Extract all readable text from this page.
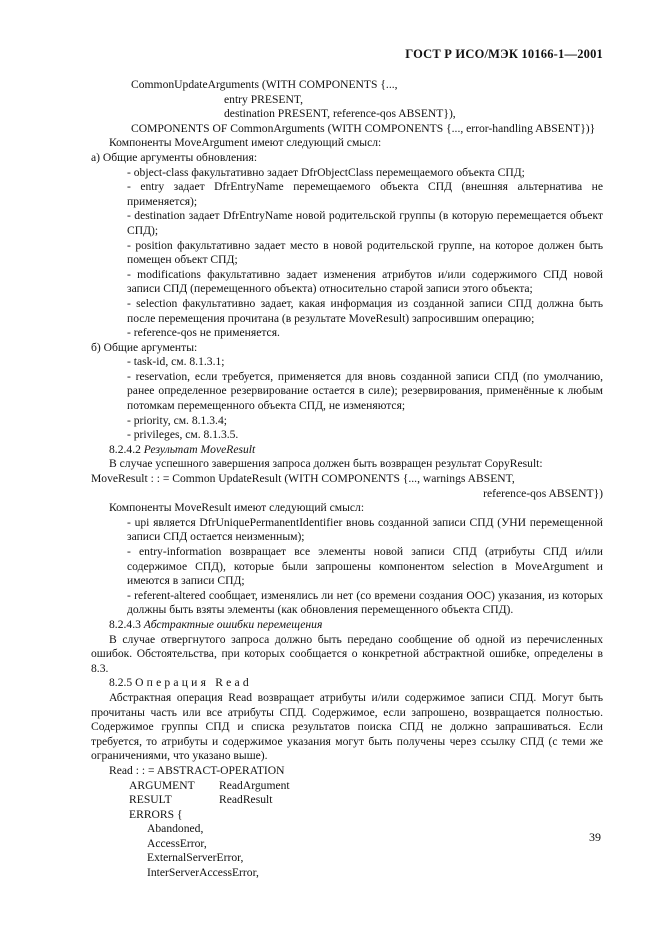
ГОСТ Р ИСО/МЭК 10166-1—2001
CommonUpdateArguments (WITH COMPONENTS {...,
entry PRESENT,
destination PRESENT, reference-qos ABSENT}),
COMPONENTS OF CommonArguments (WITH COMPONENTS {..., error-handling ABSENT})}
Компоненты MoveArgument имеют следующий смысл:
а) Общие аргументы обновления:
- object-class факультативно задает DfrObjectClass перемещаемого объекта СПД;
- entry задает DfrEntryName перемещаемого объекта СПД (внешняя альтернатива не применяется);
- destination задает DfrEntryName новой родительской группы (в которую перемещается объект СПД);
- position факультативно задает место в новой родительской группе, на которое должен быть помещен объект СПД;
- modifications факультативно задает изменения атрибутов и/или содержимого СПД новой записи СПД (перемещенного объекта) относительно старой записи этого объекта;
- selection факультативно задает, какая информация из созданной записи СПД должна быть после перемещения прочитана (в результате MoveResult) запросившим операцию;
- reference-qos не применяется.
б) Общие аргументы:
- task-id, см. 8.1.3.1;
- reservation, если требуется, применяется для вновь созданной записи СПД (по умолчанию, ранее определенное резервирование остается в силе); резервирования, применённые к любым потомкам перемещенного объекта СПД, не изменяются;
- priority, см. 8.1.3.4;
- privileges, см. 8.1.3.5.
8.2.4.2 Результат MoveResult
В случае успешного завершения запроса должен быть возвращен результат CopyResult:
MoveResult : : = Common UpdateResult (WITH COMPONENTS {..., warnings ABSENT,
reference-qos ABSENT})
Компоненты MoveResult имеют следующий смысл:
- upi является DfrUniquePermanentIdentifier вновь созданной записи СПД (УНИ перемещенной записи СПД остается неизменным);
- entry-information возвращает все элементы новой записи СПД (атрибуты СПД и/или содержимое СПД), которые были запрошены компонентом selection в MoveArgument и имеются в записи СПД;
- referent-altered сообщает, изменялись ли нет (со времени создания ООС) указания, из которых должны быть взяты элементы (как обновления перемещенного объекта СПД).
8.2.4.3 Абстрактные ошибки перемещения
В случае отвергнутого запроса должно быть передано сообщение об одной из перечисленных ошибок. Обстоятельства, при которых сообщается о конкретной абстрактной ошибке, определены в 8.3.
8.2.5 Операция Read
Абстрактная операция Read возвращает атрибуты и/или содержимое записи СПД. Могут быть прочитаны часть или все атрибуты СПД. Содержимое, если запрошено, возвращается полностью. Содержимое группы СПД и списка результатов поиска СПД не должно запрашиваться. Если требуется, то атрибуты и содержимое указания могут быть получены через ссылку СПД (с теми же ограничениями, что указано выше).
Read : : = ABSTRACT-OPERATION
ARGUMENT ReadArgument
RESULT	ReadResult
ERRORS {
Abandoned,
AccessError,
ExternalServerError,
InterServerAccessError,
39
